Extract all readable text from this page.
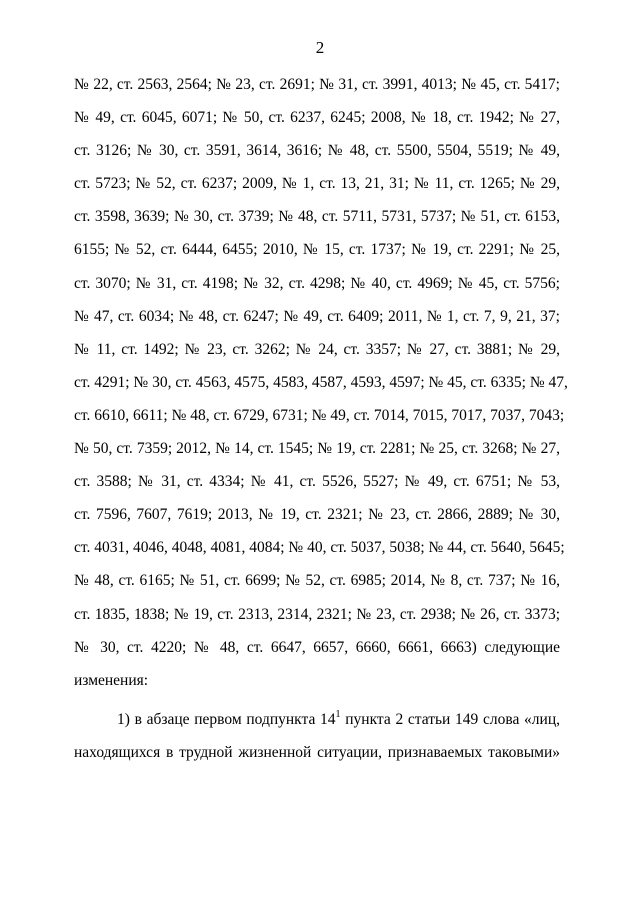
2
№ 22, ст. 2563, 2564; № 23, ст. 2691; № 31, ст. 3991, 4013; № 45, ст. 5417;
№ 49, ст. 6045, 6071; № 50, ст. 6237, 6245; 2008, № 18, ст. 1942; № 27,
ст. 3126; № 30, ст. 3591, 3614, 3616; № 48, ст. 5500, 5504, 5519; № 49,
ст. 5723; № 52, ст. 6237; 2009, № 1, ст. 13, 21, 31; № 11, ст. 1265; № 29,
ст. 3598, 3639; № 30, ст. 3739; № 48, ст. 5711, 5731, 5737; № 51, ст. 6153,
6155; № 52, ст. 6444, 6455; 2010, № 15, ст. 1737; № 19, ст. 2291; № 25,
ст. 3070; № 31, ст. 4198; № 32, ст. 4298; № 40, ст. 4969; № 45, ст. 5756;
№ 47, ст. 6034; № 48, ст. 6247; № 49, ст. 6409; 2011, № 1, ст. 7, 9, 21, 37;
№ 11, ст. 1492; № 23, ст. 3262; № 24, ст. 3357; № 27, ст. 3881; № 29,
ст. 4291; № 30, ст. 4563, 4575, 4583, 4587, 4593, 4597; № 45, ст. 6335; № 47,
ст. 6610, 6611; № 48, ст. 6729, 6731; № 49, ст. 7014, 7015, 7017, 7037, 7043;
№ 50, ст. 7359; 2012, № 14, ст. 1545; № 19, ст. 2281; № 25, ст. 3268; № 27,
ст. 3588; № 31, ст. 4334; № 41, ст. 5526, 5527; № 49, ст. 6751; № 53,
ст. 7596, 7607, 7619; 2013, № 19, ст. 2321; № 23, ст. 2866, 2889; № 30,
ст. 4031, 4046, 4048, 4081, 4084; № 40, ст. 5037, 5038; № 44, ст. 5640, 5645;
№ 48, ст. 6165; № 51, ст. 6699; № 52, ст. 6985; 2014, № 8, ст. 737; № 16,
ст. 1835, 1838; № 19, ст. 2313, 2314, 2321; № 23, ст. 2938; № 26, ст. 3373;
№ 30, ст. 4220; № 48, ст. 6647, 6657, 6660, 6661, 6663) следующие
изменения:
1) в абзаце первом подпункта $14^1$ пункта 2 статьи 149 слова «лиц,
находящихся в трудной жизненной ситуации, признаваемых таковыми»
